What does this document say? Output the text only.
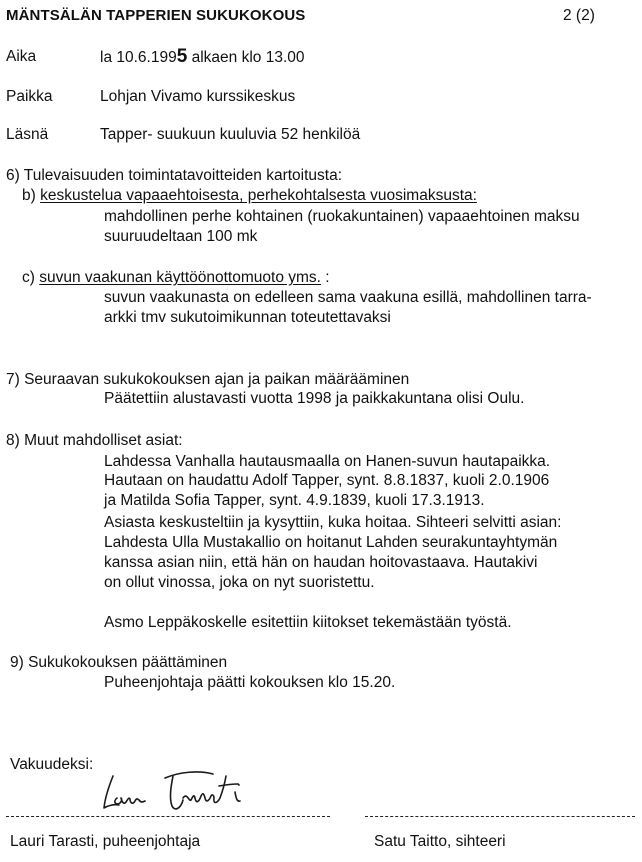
MÄNTSÄLÄN TAPPERIEN SUKUKOKOUS	2 (2)
Aika	la 10.6.1995 alkaen klo 13.00
Paikka	Lohjan Vivamo kurssikeskus
Läsnä	Tapper- suukuun kuuluvia 52 henkilöä
6) Tulevaisuuden toimintatavoitteiden kartoitusta:
b) keskustelua vapaaehtoisesta, perhekohtalsesta vuosimaksusta:
mahdollinen perhe kohtainen (ruokakuntainen) vapaaehtoinen maksu
suuruudeltaan 100 mk
c) suvun vaakunan käyttöönottomuoto yms. :
suvun vaakunasta on edelleen sama vaakuna esillä, mahdollinen tarra-
arkki tmv sukutoimikunnan toteutettavaksi
7) Seuraavan sukukokouksen ajan ja paikan määrääminen
Päätettiin alustavasti vuotta 1998 ja paikkakuntana olisi Oulu.
8) Muut mahdolliset asiat:
Lahdessa Vanhalla hautausmaalla on Hanen-suvun hautapaikka.
Hautaan on haudattu Adolf Tapper, synt. 8.8.1837, kuoli 2.0.1906
ja Matilda Sofia Tapper, synt. 4.9.1839, kuoli 17.3.1913.
Asiasta keskusteltiin ja kysyttiin, kuka hoitaa. Sihteeri selvitti asian:
Lahdesta Ulla Mustakallio on hoitanut Lahden seurakuntayhtymän
kanssa asian niin, että hän on haudan hoitovastaava. Hautakivi
on ollut vinossa, joka on nyt suoristettu.
Asmo Leppäkoskelle esitettiin kiitokset tekemästään työstä.
9) Sukukokouksen päättäminen
Puheenjohtaja päätti kokouksen klo 15.20.
Vakuudeksi:
Lauri Tarasti, puheenjohtaja	Satu Taitto, sihteeri
